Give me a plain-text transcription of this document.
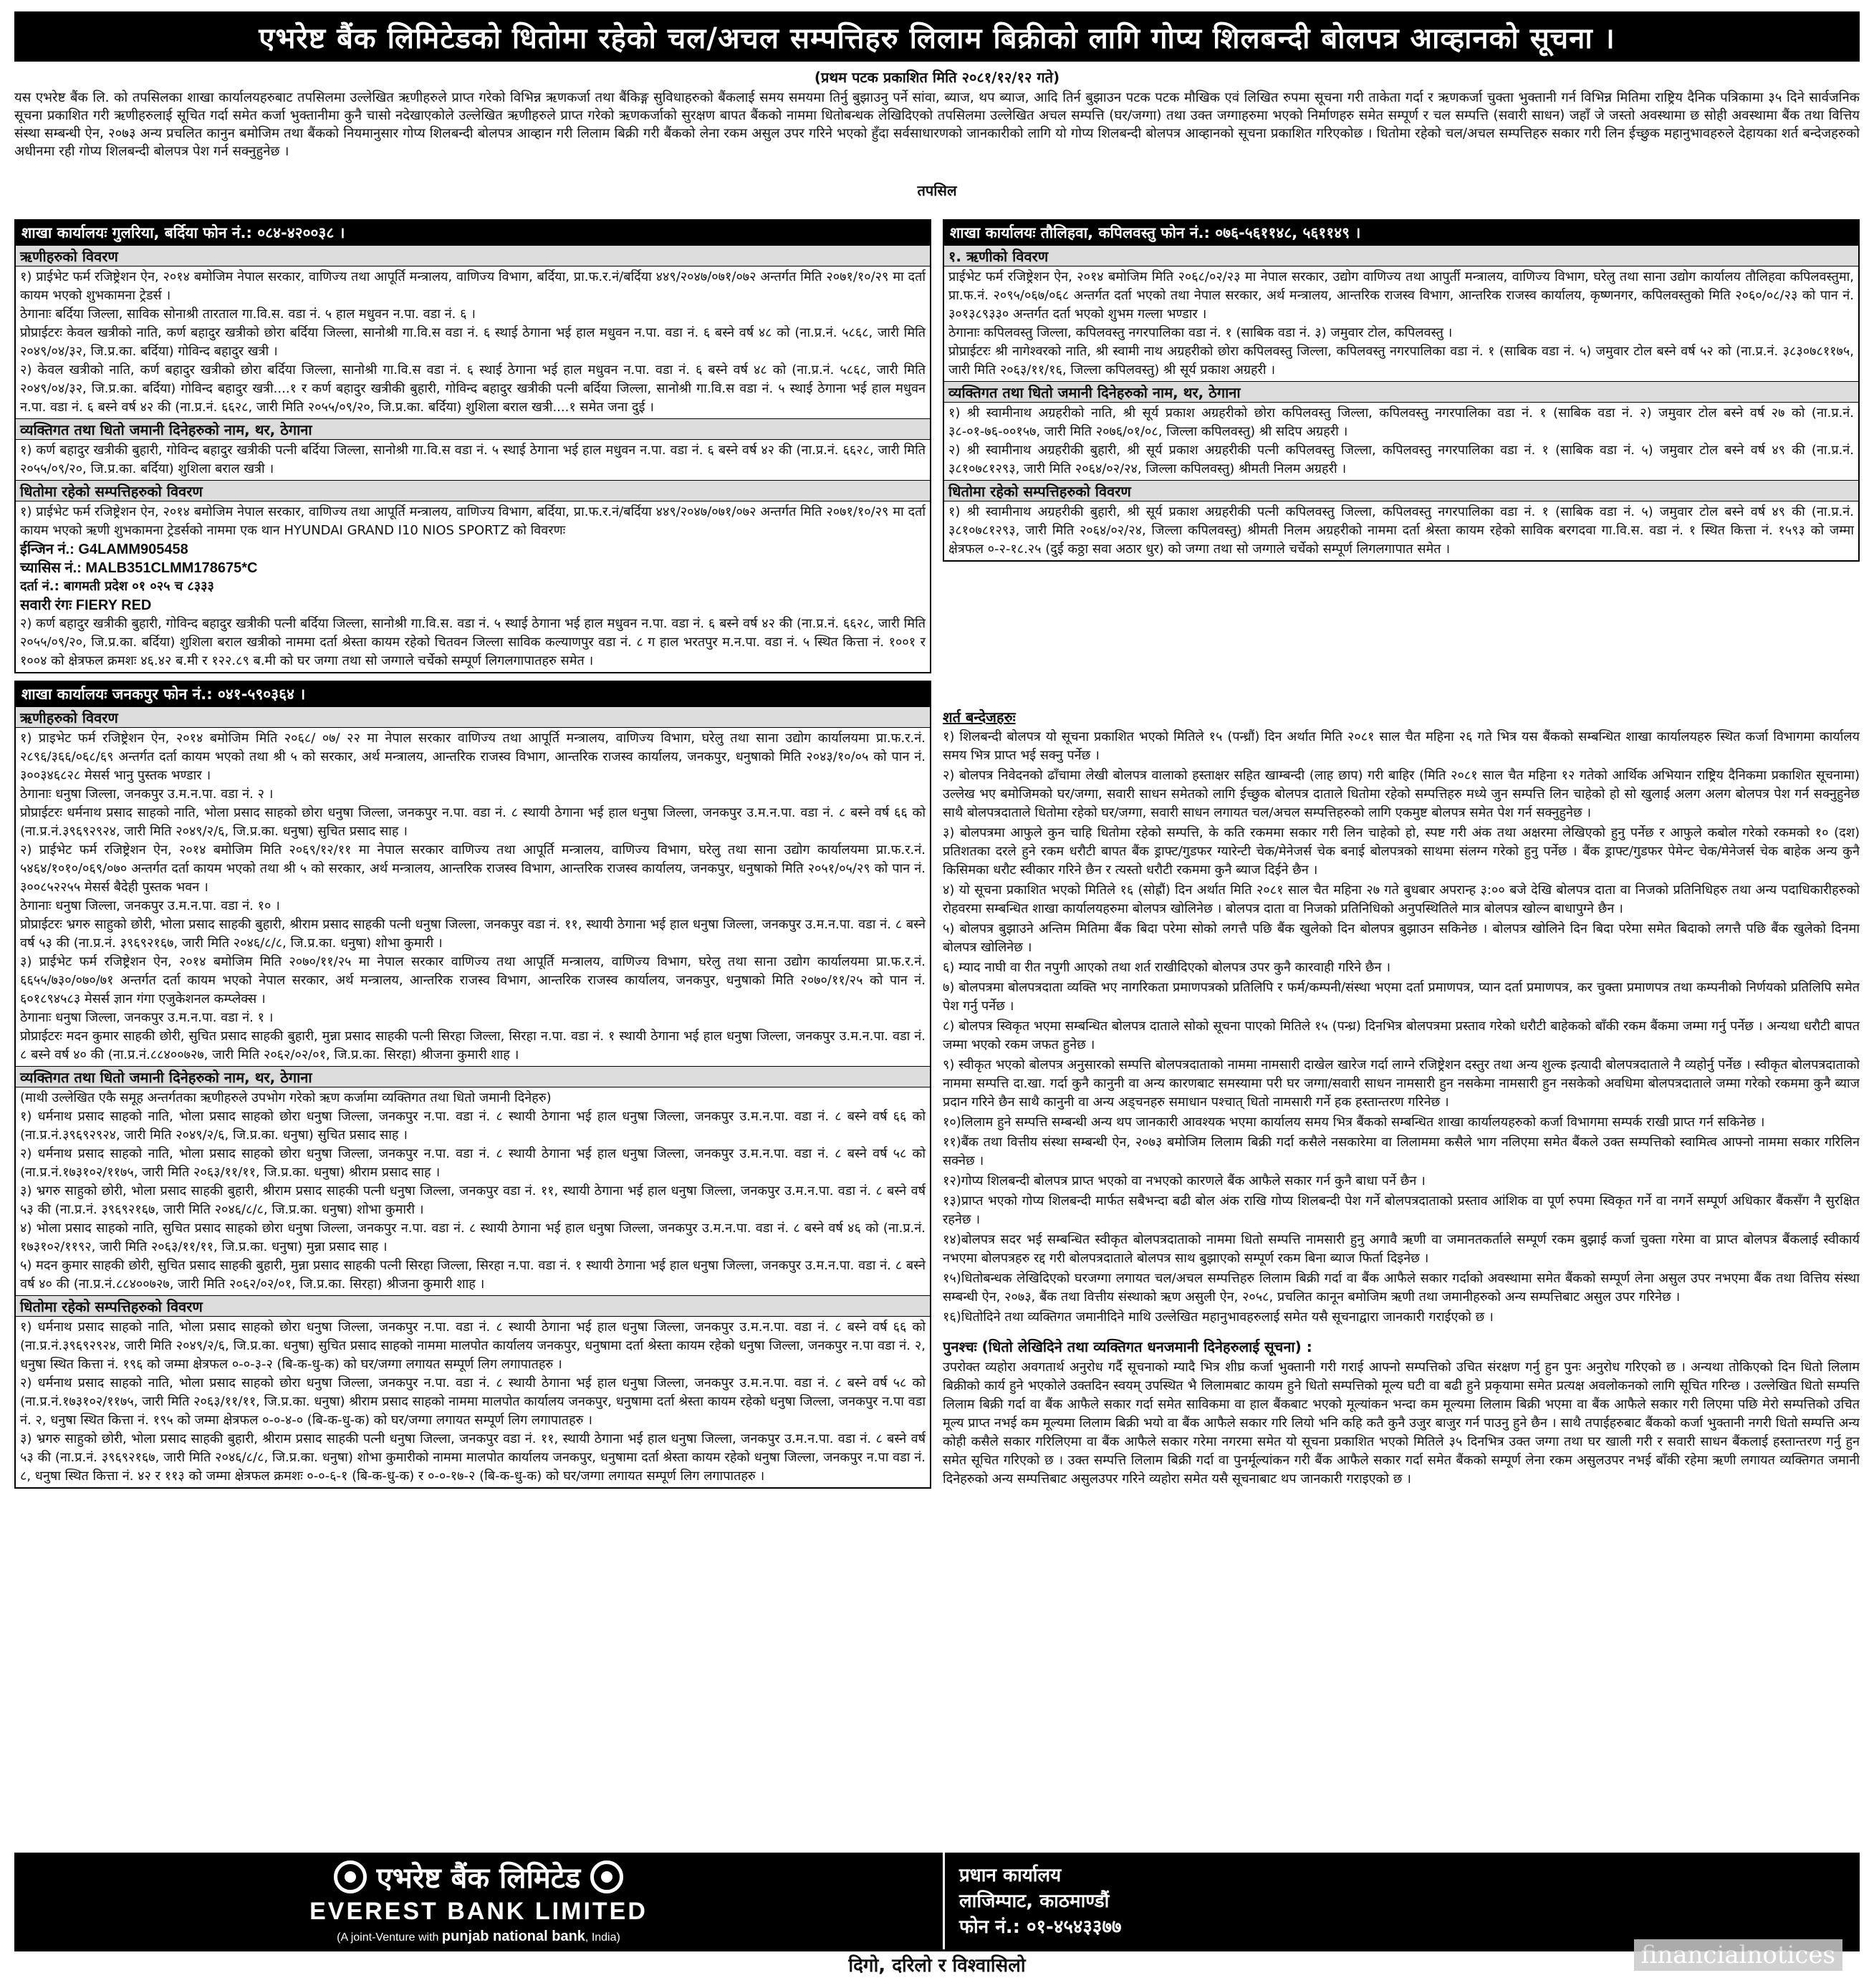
एभरेष्ट बैंक लिमिटेडको धितोमा रहेको चल/अचल सम्पत्तिहरु लिलाम बिक्रीको लागि गोप्य शिलबन्दी बोलपत्र आव्हानको सूचना ।
(प्रथम पटक प्रकाशित मिति २०८१/१२/१२ गते)
यस एभरेष्ट बैंक लि. को तपसिलका शाखा कार्यालयहरुबाट तपसिलमा उल्लेखित ऋणीहरुले प्राप्त गरेको विभिन्न ऋणकर्जा तथा बैंकिङ्ग सुविधाहरुको बैंकलाई समय समयमा तिर्नु बुझाउनु पर्ने सांवा, ब्याज, थप ब्याज, आदि तिर्न बुझाउन पटक पटक मौखिक एवं लिखित रुपमा सूचना गरी ताकेता गर्दा र ऋणकर्जा चुक्ता भुक्तानी गर्न विभिन्न मितिमा राष्ट्रिय दैनिक पत्रिकामा ३५ दिने सार्वजनिक सूचना प्रकाशित गरी ऋणीहरुलाई सूचित गर्दा समेत कर्जा भुक्तानीमा कुनै चासो नदेखाएकोले उल्लेखित ऋणीहरुले प्राप्त गरेको ऋणकर्जाको सुरक्षण बापत बैंकको नाममा धितोबन्धक लेखिदिएको तपसिलमा उल्लेखित अचल सम्पत्ति (घर/जग्गा) तथा उक्त जग्गाहरुमा भएको निर्माणहरु समेत सम्पूर्ण र चल सम्पत्ति (सवारी साधन) जहाँ जे जस्तो अवस्थामा छ सोही अवस्थामा बैंक तथा वित्तिय संस्था सम्बन्धी ऐन, २०७३ अन्य प्रचलित कानुन बमोजिम तथा बैंकको नियमानुसार गोप्य शिलबन्दी बोलपत्र आव्हान गरी लिलाम बिक्री गरी बैंकको लेना रकम असुल उपर गरिने भएको हुँदा सर्वसाधारणको जानकारीको लागि यो गोप्य शिलबन्दी बोलपत्र आव्हानको सूचना प्रकाशित गरिएकोछ । धितोमा रहेको चल/अचल सम्पत्तिहरु सकार गरी लिन ईच्छुक महानुभावहरुले देहायका शर्त बन्देजहरुको अधीनमा रही गोप्य शिलबन्दी बोलपत्र पेश गर्न सक्नुहुनेछ ।
तपसिल
शाखा कार्यालयः गुलरिया, बर्दिया फोन नं.: ०८४-४२००३८ ।
ऋणीहरुको विवरण

१) प्राईभेट फर्म रजिष्ट्रेशन ऐन, २०१४ बमोजिम नेपाल सरकार, वाणिज्य तथा आपूर्ति मन्त्रालय, वाणिज्य विभाग, बर्दिया, प्रा.फ.र.नं/बर्दिया ४४९/२०४७/०७१/०७२ अन्तर्गत मिति २०७१/१०/२९ मा दर्ता कायम भएको शुभकामना ट्रेडर्स ।

ठेगानाः बर्दिया जिल्ला, साविक सोनाश्री तारताल गा.वि.स. वडा नं. ५ हाल मधुवन न.पा. वडा नं. ६ ।

प्रोप्राईटरः केवल खत्रीको नाति, कर्ण बहादुर खत्रीको छोरा बर्दिया जिल्ला, सानोश्री गा.वि.स वडा नं. ६ स्थाई ठेगाना भई हाल मधुवन न.पा. वडा नं. ६ बस्ने वर्ष ४८ को (ना.प्र.नं. ५८६८, जारी मिति २०४९/०४/३२, जि.प्र.का. बर्दिया) गोविन्द बहादुर खत्री ।

२) केवल खत्रीको नाति, कर्ण बहादुर खत्रीको छोरा बर्दिया जिल्ला, सानोश्री गा.वि.स वडा नं. ६ स्थाई ठेगाना भई हाल मधुवन न.पा. वडा नं. ६ बस्ने वर्ष ४८ को (ना.प्र.नं. ५८६८, जारी मिति २०४९/०४/३२, जि.प्र.का. बर्दिया) गोविन्द बहादुर खत्री....१ र कर्ण बहादुर खत्रीकी बुहारी, गोविन्द बहादुर खत्रीकी पत्नी बर्दिया जिल्ला, सानोश्री गा.वि.स वडा नं. ५ स्थाई ठेगाना भई हाल मधुवन न.पा. वडा नं. ६ बस्ने वर्ष ४२ की (ना.प्र.नं. ६६२८, जारी मिति २०५५/०९/२०, जि.प्र.का. बर्दिया) शुशिला बराल खत्री....१ समेत जना दुई ।

व्यक्तिगत तथा धितो जमानी दिनेहरुको नाम, थर, ठेगाना

१) कर्ण बहादुर खत्रीकी बुहारी, गोविन्द बहादुर खत्रीकी पत्नी बर्दिया जिल्ला, सानोश्री गा.वि.स वडा नं. ५ स्थाई ठेगाना भई हाल मधुवन न.पा. वडा नं. ६ बस्ने वर्ष ४२ की (ना.प्र.नं. ६६२८, जारी मिति २०५५/०९/२०, जि.प्र.का. बर्दिया) शुशिला बराल खत्री ।

धितोमा रहेको सम्पत्तिहरुको विवरण

१) प्राईभेट फर्म रजिष्ट्रेशन ऐन, २०१४ बमोजिम नेपाल सरकार, वाणिज्य तथा आपूर्ति मन्त्रालय, वाणिज्य विभाग, बर्दिया, प्रा.फ.र.नं/बर्दिया ४४९/२०४७/०७१/०७२ अन्तर्गत मिति २०७१/१०/२९ मा दर्ता कायम भएको ऋणी शुभकामना ट्रेडर्सको नाममा एक थान HYUNDAI GRAND I10 NIOS SPORTZ को विवरणः

ईन्जिन नं.: G4LAMM905458

च्यासिस नं.: MALB351CLMM178675*C

दर्ता नं.: बागमती प्रदेश ०१ ०२५ च ८३३३

सवारी रंगः FIERY RED

२) कर्ण बहादुर खत्रीकी बुहारी, गोविन्द बहादुर खत्रीकी पत्नी बर्दिया जिल्ला, सानोश्री गा.वि.स. वडा नं. ५ स्थाई ठेगाना भई हाल मधुवन न.पा. वडा नं. ६ बस्ने वर्ष ४२ की (ना.प्र.नं. ६६२८, जारी मिति २०५५/०९/२०, जि.प्र.का. बर्दिया) शुशिला बराल खत्रीको नाममा दर्ता श्रेस्ता कायम रहेको चितवन जिल्ला साविक कल्याणपुर वडा नं. ८ ग हाल भरतपुर म.न.पा. वडा नं. ५ स्थित कित्ता नं. १००१ र १००४ को क्षेत्रफल क्रमशः ४६.४२ ब.मी र १२२.८९ ब.मी को घर जग्गा तथा सो जग्गाले चर्चेको सम्पूर्ण लिगलगापातहरु समेत ।

शाखा कार्यालयः जनकपुर फोन नं.: ०४१-५९०३६४ ।
ऋणीहरुको विवरण

१) प्राइभेट फर्म रजिष्ट्रेशन ऐन, २०१४ बमोजिम मिति २०६८/ ०७/ २२ मा नेपाल सरकार वाणिज्य तथा आपूर्ति मन्त्रालय, वाणिज्य विभाग, घरेलु तथा साना उद्योग कार्यालयमा प्रा.फ.र.नं. २८९६/३६६/०६८/६९ अन्तर्गत दर्ता कायम भएको तथा श्री ५ को सरकार, अर्थ मन्त्रालय, आन्तरिक राजस्व विभाग, आन्तरिक राजस्व कार्यालय, जनकपुर, धनुषाको मिति २०४३/१०/०५ को पान नं. ३००३४६८२८ मेसर्स भानु पुस्तक भण्डार ।

ठेगानाः धनुषा जिल्ला, जनकपुर उ.म.न.पा. वडा नं. २ ।

प्रोप्राईटरः धर्मनाथ प्रसाद साहको नाति, भोला प्रसाद साहको छोरा धनुषा जिल्ला, जनकपुर न.पा. वडा नं. ८ स्थायी ठेगाना भई हाल धनुषा जिल्ला, जनकपुर उ.म.न.पा. वडा नं. ८ बस्ने वर्ष ६६ को (ना.प्र.नं.३९६९२९२४, जारी मिति २०४९/२/६, जि.प्र.का. धनुषा) सुचित प्रसाद साह ।

२) प्राईभेट फर्म रजिष्ट्रेशन ऐन, २०१४ बमोजिम मिति २०६९/१२/११ मा नेपाल सरकार वाणिज्य तथा आपूर्ति मन्त्रालय, वाणिज्य विभाग, घरेलु तथा साना उद्योग कार्यालयमा प्रा.फ.र.नं. ५४६४/१०१०/०६९/०७० अन्तर्गत दर्ता कायम भएको तथा श्री ५ को सरकार, अर्थ मन्त्रालय, आन्तरिक राजस्व विभाग, आन्तरिक राजस्व कार्यालय, जनकपुर, धनुषाको मिति २०५१/०५/२९ को पान नं. ३००८५२२५५ मेसर्स बैदेही पुस्तक भवन ।

ठेगानाः धनुषा जिल्ला, जनकपुर उ.म.न.पा. वडा नं. १० ।

प्रोप्राईटरः भ्रगरु साहुको छोरी, भोला प्रसाद साहकी बुहारी, श्रीराम प्रसाद साहकी पत्नी धनुषा जिल्ला, जनकपुर वडा नं. ११, स्थायी ठेगाना भई हाल धनुषा जिल्ला, जनकपुर उ.म.न.पा. वडा नं. ८ बस्ने वर्ष ५३ की (ना.प्र.नं. ३९६९२१६७, जारी मिति २०४६/८/८, जि.प्र.का. धनुषा) शोभा कुमारी ।

३) प्राईभेट फर्म रजिष्ट्रेशन ऐन, २०१४ बमोजिम मिति २०७०/११/२५ मा नेपाल सरकार वाणिज्य तथा आपूर्ति मन्त्रालय, वाणिज्य विभाग, घरेलु तथा साना उद्योग कार्यालयमा प्रा.फ.र.नं. ६६५५/७३०/०७०/७१ अन्तर्गत दर्ता कायम भएको नेपाल सरकार, अर्थ मन्त्रालय, आन्तरिक राजस्व विभाग, आन्तरिक राजस्व कार्यालय, जनकपुर, धनुषाको मिति २०७०/११/२५ को पान नं. ६०१८९४५८३ मेसर्स ज्ञान गंगा एजुकेशनल कम्प्लेक्स ।

ठेगानाः धनुषा जिल्ला, जनकपुर उ.म.न.पा. वडा नं. १ ।

प्रोप्राईटरः मदन कुमार साहकी छोरी, सुचित प्रसाद साहकी बुहारी, मुन्ना प्रसाद साहकी पत्नी सिरहा जिल्ला, सिरहा न.पा. वडा नं. १ स्थायी ठेगाना भई हाल धनुषा जिल्ला, जनकपुर उ.म.न.पा. वडा नं. ८ बस्ने वर्ष ४० की (ना.प्र.नं.८८४००७२७, जारी मिति २०६२/०२/०१, जि.प्र.का. सिरहा) श्रीजना कुमारी शाह ।

व्यक्तिगत तथा धितो जमानी दिनेहरुको नाम, थर, ठेगाना

(माथी उल्लेखित एकै समूह अन्तर्गतका ऋणीहरुले उपभोग गरेको ऋण कर्जामा व्यक्तिगत तथा धितो जमानी दिनेहरु)

१) धर्मनाथ प्रसाद साहको नाति, भोला प्रसाद साहको छोरा धनुषा जिल्ला, जनकपुर न.पा. वडा नं. ८ स्थायी ठेगाना भई हाल धनुषा जिल्ला, जनकपुर उ.म.न.पा. वडा नं. ८ बस्ने वर्ष ६६ को (ना.प्र.नं.३९६९२९२४, जारी मिति २०४९/२/६, जि.प्र.का. धनुषा) सुचित प्रसाद साह ।

२) धर्मनाथ प्रसाद साहको नाति, भोला प्रसाद साहको छोरा धनुषा जिल्ला, जनकपुर न.पा. वडा नं. ८ स्थायी ठेगाना भई हाल धनुषा जिल्ला, जनकपुर उ.म.न.पा. वडा नं. ८ बस्ने वर्ष ५८ को (ना.प्र.नं.१७३१०२/११७५, जारी मिति २०६३/११/११, जि.प्र.का. धनुषा) श्रीराम प्रसाद साह ।

३) भ्रगरु साहुको छोरी, भोला प्रसाद साहकी बुहारी, श्रीराम प्रसाद साहकी पत्नी धनुषा जिल्ला, जनकपुर वडा नं. ११, स्थायी ठेगाना भई हाल धनुषा जिल्ला, जनकपुर उ.म.न.पा. वडा नं. ८ बस्ने वर्ष ५३ की (ना.प्र.नं. ३९६९२१६७, जारी मिति २०४६/८/८, जि.प्र.का. धनुषा) शोभा कुमारी ।

४) भोला प्रसाद साहको नाति, सुचित प्रसाद साहको छोरा धनुषा जिल्ला, जनकपुर न.पा. वडा नं. ८ स्थायी ठेगाना भई हाल धनुषा जिल्ला, जनकपुर उ.म.न.पा. वडा नं. ८ बस्ने वर्ष ४६ को (ना.प्र.नं. १७३१०२/११९२, जारी मिति २०६३/११/११, जि.प्र.का. धनुषा) मुन्ना प्रसाद साह ।

५) मदन कुमार साहकी छोरी, सुचित प्रसाद साहकी बुहारी, मुन्ना प्रसाद साहकी पत्नी सिरहा जिल्ला, सिरहा न.पा. वडा नं. १ स्थायी ठेगाना भई हाल धनुषा जिल्ला, जनकपुर उ.म.न.पा. वडा नं. ८ बस्ने वर्ष ४० की (ना.प्र.नं.८८४००७२७, जारी मिति २०६२/०२/०१, जि.प्र.का. सिरहा) श्रीजना कुमारी शाह ।

धितोमा रहेको सम्पत्तिहरुको विवरण

१) धर्मनाथ प्रसाद साहको नाति, भोला प्रसाद साहको छोरा धनुषा जिल्ला, जनकपुर न.पा. वडा नं. ८ स्थायी ठेगाना भई हाल धनुषा जिल्ला, जनकपुर उ.म.न.पा. वडा नं. ८ बस्ने वर्ष ६६ को (ना.प्र.नं.३९६९२९२४, जारी मिति २०४९/२/६, जि.प्र.का. धनुषा) सुचित प्रसाद साहको नाममा मालपोत कार्यालय जनकपुर, धनुषामा दर्ता श्रेस्ता कायम रहेको धनुषा जिल्ला, जनकपुर न.पा वडा नं. २, धनुषा स्थित कित्ता नं. १९६ को जम्मा क्षेत्रफल ०-०-३-२ (बि-क-धु-क) को घर/जग्गा लगायत सम्पूर्ण लिग लगापातहरु ।

२) धर्मनाथ प्रसाद साहको नाति, भोला प्रसाद साहको छोरा धनुषा जिल्ला, जनकपुर न.पा. वडा नं. ८ स्थायी ठेगाना भई हाल धनुषा जिल्ला, जनकपुर उ.म.न.पा. वडा नं. ८ बस्ने वर्ष ५८ को (ना.प्र.नं.१७३१०२/११७५, जारी मिति २०६३/११/११, जि.प्र.का. धनुषा) श्रीराम प्रसाद साहको नाममा मालपोत कार्यालय जनकपुर, धनुषामा दर्ता श्रेस्ता कायम रहेको धनुषा जिल्ला, जनकपुर न.पा वडा नं. २, धनुषा स्थित कित्ता नं. १९५ को जम्मा क्षेत्रफल ०-०-४-० (बि-क-धु-क) को घर/जग्गा लगायत सम्पूर्ण लिग लगापातहरु ।

३) भ्रगरु साहुको छोरी, भोला प्रसाद साहकी बुहारी, श्रीराम प्रसाद साहकी पत्नी धनुषा जिल्ला, जनकपुर वडा नं. ११, स्थायी ठेगाना भई हाल धनुषा जिल्ला, जनकपुर उ.म.न.पा. वडा नं. ८ बस्ने वर्ष ५३ की (ना.प्र.नं. ३९६९२१६७, जारी मिति २०४६/८/८, जि.प्र.का. धनुषा) शोभा कुमारीको नाममा मालपोत कार्यालय जनकपुर, धनुषामा दर्ता श्रेस्ता कायम रहेको धनुषा जिल्ला, जनकपुर न.पा वडा नं. ८, धनुषा स्थित कित्ता नं. ४२ र ११३ को जम्मा क्षेत्रफल क्रमशः ०-०-६-१ (बि-क-धु-क) र ०-०-१७-२ (बि-क-धु-क) को घर/जग्गा लगायत सम्पूर्ण लिग लगापातहरु ।

शाखा कार्यालयः तौलिहवा, कपिलवस्तु फोन नं.: ०७६-५६११४८, ५६११४९ ।
१. ऋणीको विवरण

प्राईभेट फर्म रजिष्ट्रेशन ऐन, २०१४ बमोजिम मिति २०६८/०२/२३ मा नेपाल सरकार, उद्योग वाणिज्य तथा आपुर्ती मन्त्रालय, वाणिज्य विभाग, घरेलु तथा साना उद्योग कार्यालय तौलिहवा कपिलवस्तुमा, प्रा.फ.नं. २०९५/०६७/०६८ अन्तर्गत दर्ता भएको तथा नेपाल सरकार, अर्थ मन्त्रालय, आन्तरिक राजस्व विभाग, आन्तरिक राजस्व कार्यालय, कृष्णनगर, कपिलवस्तुको मिति २०६०/०८/२३ को पान नं. ३०१३८९३३० अन्तर्गत दर्ता भएको शुभम गल्ला भण्डार ।

ठेगानाः कपिलवस्तु जिल्ला, कपिलवस्तु नगरपालिका वडा नं. १ (साबिक वडा नं. ३) जमुवार टोल, कपिलवस्तु ।

प्रोप्राईटरः श्री नागेश्वरको नाति, श्री स्वामी नाथ अग्रहरीको छोरा कपिलवस्तु जिल्ला, कपिलवस्तु नगरपालिका वडा नं. १ (साबिक वडा नं. ५) जमुवार टोल बस्ने वर्ष ५२ को (ना.प्र.नं. ३८३०७८११७५, जारी मिति २०६३/११/१६, जिल्ला कपिलवस्तु) श्री सूर्य प्रकाश अग्रहरी ।

व्यक्तिगत तथा धितो जमानी दिनेहरुको नाम, थर, ठेगाना

१) श्री स्वामीनाथ अग्रहरीको नाति, श्री सूर्य प्रकाश अग्रहरीको छोरा कपिलवस्तु जिल्ला, कपिलवस्तु नगरपालिका वडा नं. १ (साबिक वडा नं. २) जमुवार टोल बस्ने वर्ष २७ को (ना.प्र.नं. ३८-०१-७६-००१५७, जारी मिति २०७६/०१/०८, जिल्ला कपिलवस्तु) श्री सदिप अग्रहरी ।

२) श्री स्वामीनाथ अग्रहरीकी बुहारी, श्री सूर्य प्रकाश अग्रहरीकी पत्नी कपिलवस्तु जिल्ला, कपिलवस्तु नगरपालिका वडा नं. १ (साबिक वडा नं. ५) जमुवार टोल बस्ने वर्ष ४९ की (ना.प्र.नं. ३८१०७८१२९३, जारी मिति २०६४/०२/२४, जिल्ला कपिलवस्तु) श्रीमती निलम अग्रहरी ।

धितोमा रहेको सम्पत्तिहरुको विवरण

१) श्री स्वामीनाथ अग्रहरीकी बुहारी, श्री सूर्य प्रकाश अग्रहरीकी पत्नी कपिलवस्तु जिल्ला, कपिलवस्तु नगरपालिका वडा नं. १ (साबिक वडा नं. ५) जमुवार टोल बस्ने वर्ष ४९ की (ना.प्र.नं. ३८१०७८१२९३, जारी मिति २०६४/०२/२४, जिल्ला कपिलवस्तु) श्रीमती निलम अग्रहरीको नाममा दर्ता श्रेस्ता कायम रहेको साविक बरगदवा गा.वि.स. वडा नं. १ स्थित कित्ता नं. १५९३ को जम्मा क्षेत्रफल ०-२-१८.२५ (दुई कठ्ठा सवा अठार धुर) को जग्गा तथा सो जग्गाले चर्चेको सम्पूर्ण लिगलगापात समेत ।

शर्त बन्देजहरुः
१) शिलबन्दी बोलपत्र यो सूचना प्रकाशित भएको मितिले १५ (पन्ध्रौं) दिन अर्थात मिति २०८१ साल चैत महिना २६ गते भित्र यस बैंकको सम्बन्धित शाखा कार्यालयहरु स्थित कर्जा विभागमा कार्यालय समय भित्र प्राप्त भई सक्नु पर्नेछ ।
२) बोलपत्र निवेदनको ढाँचामा लेखी बोलपत्र वालाको हस्ताक्षर सहित खाम्बन्दी (लाह छाप) गरी बाहिर (मिति २०८१ साल चैत महिना १२ गतेको आर्थिक अभियान राष्ट्रिय दैनिकमा प्रकाशित सूचनामा) उल्लेख भए बमोजिमको घर/जग्गा, सवारी साधन समेतको लागि ईच्छुक बोलपत्र दाताले धितोमा रहेको सम्पत्तिहरु मध्ये जुन सम्पत्ति लिन चाहेको हो सो खुलाई अलग अलग बोलपत्र पेश गर्न सक्नुहुनेछ साथै बोलपत्रदाताले धितोमा रहेको घर/जग्गा, सवारी साधन लगायत चल/अचल सम्पत्तिहरुको लागि एकमुष्ट बोलपत्र समेत पेश गर्न सक्नुहुनेछ ।
३) बोलपत्रमा आफुले कुन चाहि धितोमा रहेको सम्पत्ति, के कति रकममा सकार गरी लिन चाहेको हो, स्पष्ट गरी अंक तथा अक्षरमा लेखिएको हुनु पर्नेछ र आफुले कबोल गरेको रकमको १० (दश) प्रतिशतका दरले हुने रकम धरौटी बापत बैंक ड्राफ्ट/गुडफर ग्यारेन्टी चेक/मेनेजर्स चेक बनाई बोलपत्रको साथमा संलग्न गरेको हुनु पर्नेछ । बैंक ड्राफ्ट/गुडफर पेमेन्ट चेक/मेनेजर्स चेक बाहेक अन्य कुनै किसिमका धरौट स्वीकार गरिने छैन र त्यस्तो धरौटी रकममा कुनै ब्याज दिईने छैन ।
४) यो सूचना प्रकाशित भएको मितिले १६ (सोह्रौं) दिन अर्थात मिति २०८१ साल चैत महिना २७ गते बुधबार अपरान्ह ३:०० बजे देखि बोलपत्र दाता वा निजको प्रतिनिधिहरु तथा अन्य पदाधिकारीहरुको रोहवरमा सम्बन्धित शाखा कार्यालयहरुमा बोलपत्र खोलिनेछ । बोलपत्र दाता वा निजको प्रतिनिधिको अनुपस्थितिले मात्र बोलपत्र खोल्न बाधापुग्ने छैन ।
५) बोलपत्र बुझाउने अन्तिम मितिमा बैंक बिदा परेमा सोको लगत्तै पछि बैंक खुलेको दिन बोलपत्र बुझाउन सकिनेछ । बोलपत्र खोलिने दिन बिदा परेमा समेत बिदाको लगत्तै पछि बैंक खुलेको दिनमा बोलपत्र खोलिनेछ ।
६) म्याद नाघी वा रीत नपुगी आएको तथा शर्त राखीदिएको बोलपत्र उपर कुनै कारवाही गरिने छैन ।
७) बोलपत्रमा बोलपत्रदाता व्यक्ति भए नागरिकता प्रमाणपत्रको प्रतिलिपि र फर्म/कम्पनी/संस्था भएमा दर्ता प्रमाणपत्र, प्यान दर्ता प्रमाणपत्र, कर चुक्ता प्रमाणपत्र तथा कम्पनीको निर्णयको प्रतिलिपि समेत पेश गर्नु पर्नेछ ।
८) बोलपत्र स्विकृत भएमा सम्बन्धित बोलपत्र दाताले सोको सूचना पाएको मितिले १५ (पन्ध्र) दिनभित्र बोलपत्रमा प्रस्ताव गरेको धरौटी बाहेकको बाँकी रकम बैंकमा जम्मा गर्नु पर्नेछ । अन्यथा धरौटी बापत जम्मा भएको रकम जफत हुनेछ ।
९) स्वीकृत भएको बोलपत्र अनुसारको सम्पत्ति बोलपत्रदाताको नाममा नामसारी दाखेल खारेज गर्दा लाग्ने रजिष्ट्रेशन दस्तुर तथा अन्य शुल्क इत्यादी बोलपत्रदाताले नै व्यहोर्नु पर्नेछ । स्वीकृत बोलपत्रदाताको नाममा सम्पत्ति दा.खा. गर्दा कुनै कानुनी वा अन्य कारणबाट समस्यामा परी घर जग्गा/सवारी साधन नामसारी हुन नसकेमा नामसारी हुन नसकेको अवधिमा बोलपत्रदाताले जम्मा गरेको रकममा कुनै ब्याज प्रदान गरिने छैन साथै कानुनी वा अन्य अड्चनहरु समाधान पश्चात् धितो नामसारी गर्ने हक हस्तान्तरण गरिनेछ ।
१०)लिलाम हुने सम्पत्ति सम्बन्धी अन्य थप जानकारी आवश्यक भएमा कार्यालय समय भित्र बैंकको सम्बन्धित शाखा कार्यालयहरुको कर्जा विभागमा सम्पर्क राखी प्राप्त गर्न सकिनेछ ।
११)बैंक तथा वित्तीय संस्था सम्बन्धी ऐन, २०७३ बमोजिम लिलाम बिक्री गर्दा कसैले नसकारेमा वा लिलाममा कसैले भाग नलिएमा समेत बैंकले उक्त सम्पत्तिको स्वामित्व आफ्नो नाममा सकार गरिलिन सक्नेछ ।
१२)गोप्य शिलबन्दी बोलपत्र प्राप्त भएको वा नभएको कारणले बैंक आफैले सकार गर्न कुनै बाधा पर्ने छैन ।
१३)प्राप्त भएको गोप्य शिलबन्दी मार्फत सबैभन्दा बढी बोल अंक राखि गोप्य शिलबन्दी पेश गर्ने बोलपत्रदाताको प्रस्ताव आंशिक वा पूर्ण रुपमा स्विकृत गर्ने वा नगर्ने सम्पूर्ण अधिकार बैंकसँग नै सुरक्षित रहनेछ ।
१४)बोलपत्र सदर भई सम्बन्धित स्वीकृत बोलपत्रदाताको नाममा धितो सम्पत्ति नामसारी हुनु अगावै ऋणी वा जमानतकर्ताले सम्पूर्ण रकम बुझाई कर्जा चुक्ता गरेमा वा प्राप्त बोलपत्र बैंकलाई स्वीकार्य नभएमा बोलपत्रहरु रद्द गरी बोलपत्रदाताले बोलपत्र साथ बुझाएको सम्पूर्ण रकम बिना ब्याज फिर्ता दिइनेछ ।
१५)धितोबन्धक लेखिदिएको घरजग्गा लगायत चल/अचल सम्पत्तिहरु लिलाम बिक्री गर्दा वा बैंक आफैले सकार गर्दाको अवस्थामा समेत बैंकको सम्पूर्ण लेना असुल उपर नभएमा बैंक तथा वित्तिय संस्था सम्बन्धी ऐन, २०७३, बैंक तथा वित्तीय संस्थाको ऋण असुली ऐन, २०५८, प्रचलित कानून बमोजिम ऋणी तथा जमानीहरुको अन्य सम्पत्तिबाट असुल उपर गरिनेछ ।
१६)धितोदिने तथा व्यक्तिगत जमानीदिने माथि उल्लेखित महानुभावहरुलाई समेत यसै सूचनाद्वारा जानकारी गराईएको छ ।
पुनश्चः (धितो लेखिदिने तथा व्यक्तिगत धनजमानी दिनेहरुलाई सूचना) :
उपरोक्त व्यहोरा अवगतार्थ अनुरोध गर्दै सूचनाको म्यादै भित्र शीघ्र कर्जा भुक्तानी गरी गराई आफ्नो सम्पत्तिको उचित संरक्षण गर्नु हुन पुनः अनुरोध गरिएको छ । अन्यथा तोकिएको दिन धितो लिलाम बिक्रीको कार्य हुने भएकोले उक्तदिन स्वयम् उपस्थित भै लिलामबाट कायम हुने धितो सम्पत्तिको मूल्य घटी वा बढी हुने प्रकृयामा समेत प्रत्यक्ष अवलोकनको लागि सूचित गरिन्छ । उल्लेखित धितो सम्पत्ति लिलाम बिक्री गर्दा वा बैंक आफैले सकार गर्दा समेत साविकमा वा हाल बैंकबाट भएको मूल्यांकन भन्दा कम मूल्यमा लिलाम बिक्री भएमा वा बैंक आफैले सकार गरी लिएमा पछि मेरो सम्पत्तिको उचित मूल्य प्राप्त नभई कम मूल्यमा लिलाम बिक्री भयो वा बैंक आफैले सकार गरि लियो भनि कहि कतै कुनै उजुर बाजुर गर्न पाउनु हुने छैन । साथै तपाईहरुबाट बैंकको कर्जा भुक्तानी नगरी धितो सम्पत्ति अन्य कोही कसैले सकार गरिलिएमा वा बैंक आफैले सकार गरेमा नगरमा समेत यो सूचना प्रकाशित भएको मितिले ३५ दिनभित्र उक्त जग्गा तथा घर खाली गरी र सवारी साधन बैंकलाई हस्तान्तरण गर्नु हुन समेत सूचित गरिएको छ । उक्त सम्पत्ति लिलाम बिक्री गर्दा वा पुनर्मूल्यांकन गरी बैंक आफैले सकार गर्दा समेत बैंकको सम्पूर्ण लेना रकम असुलउपर नभई बाँकी रहेमा ऋणी लगायत व्यक्तिगत जमानी दिनेहरुको अन्य सम्पत्तिबाट असुलउपर गरिने व्यहोरा समेत यसै सूचनाबाट थप जानकारी गराइएको छ ।
एभरेष्ट बैंक लिमिटेड
EVEREST BANK LIMITED
(A joint-Venture with punjab national bank, India)
प्रधान कार्यालय
लाजिम्पाट, काठमाण्डौं
फोन नं.: ०१-४५४३३७७
दिगो, दरिलो र विश्वासिलो	financialnotices
